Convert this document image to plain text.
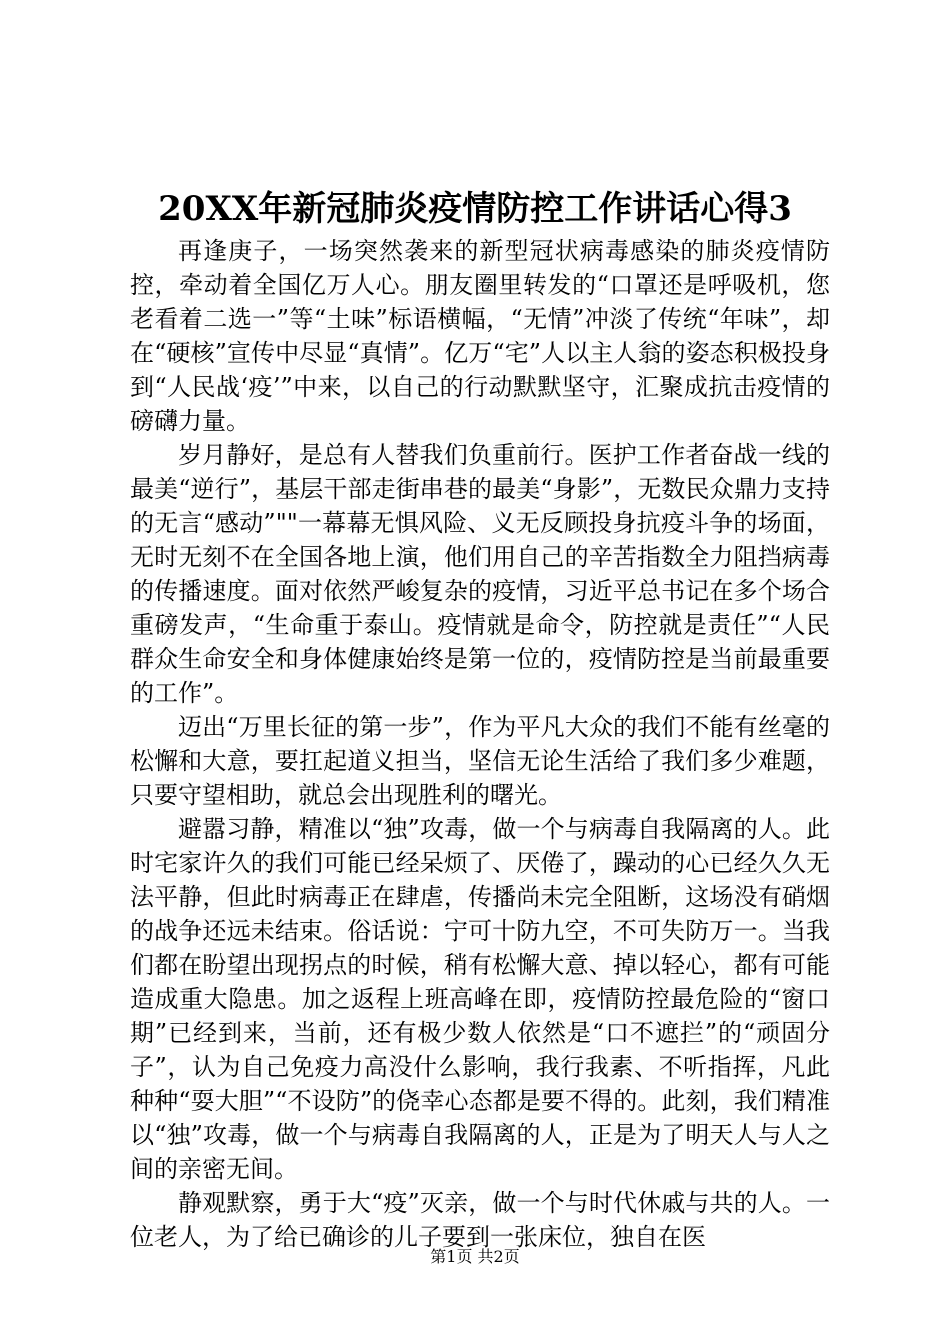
20XX年新冠肺炎疫情防控工作讲话心得3

再逢庚子，一场突然袭来的新型冠状病毒感染的肺炎疫情防控，牵动着全国亿万人心。朋友圈里转发的“口罩还是呼吸机，您老看着二选一”等“土味”标语横幅，“无情”冲淡了传统“年味”，却在“硬核”宣传中尽显“真情”。亿万“宅”人以主人翁的姿态积极投身到“人民战‘疫’”中来，以自己的行动默默坚守，汇聚成抗击疫情的磅礴力量。

岁月静好，是总有人替我们负重前行。医护工作者奋战一线的最美“逆行”，基层干部走街串巷的最美“身影”，无数民众鼎力支持的无言“感动”""一幕幕无惧风险、义无反顾投身抗疫斗争的场面，无时无刻不在全国各地上演，他们用自己的辛苦指数全力阻挡病毒的传播速度。面对依然严峻复杂的疫情，习近平总书记在多个场合重磅发声，“生命重于泰山。疫情就是命令，防控就是责任”“人民群众生命安全和身体健康始终是第一位的，疫情防控是当前最重要的工作”。

迈出“万里长征的第一步”，作为平凡大众的我们不能有丝毫的松懈和大意，要扛起道义担当，坚信无论生活给了我们多少难题，只要守望相助，就总会出现胜利的曙光。

避嚣习静，精准以“独”攻毒，做一个与病毒自我隔离的人。此时宅家许久的我们可能已经呆烦了、厌倦了，躁动的心已经久久无法平静，但此时病毒正在肆虐，传播尚未完全阻断，这场没有硝烟的战争还远未结束。俗话说：宁可十防九空，不可失防万一。当我们都在盼望出现拐点的时候，稍有松懈大意、掉以轻心，都有可能造成重大隐患。加之返程上班高峰在即，疫情防控最危险的“窗口期”已经到来，当前，还有极少数人依然是“口不遮拦”的“顽固分子”，认为自己免疫力高没什么影响，我行我素、不听指挥，凡此种种“耍大胆”“不设防”的侥幸心态都是要不得的。此刻，我们精准以“独”攻毒，做一个与病毒自我隔离的人，正是为了明天人与人之间的亲密无间。

静观默察，勇于大“疫”灭亲，做一个与时代休戚与共的人。一位老人，为了给已确诊的儿子要到一张床位，独自在医

第1页 共2页
